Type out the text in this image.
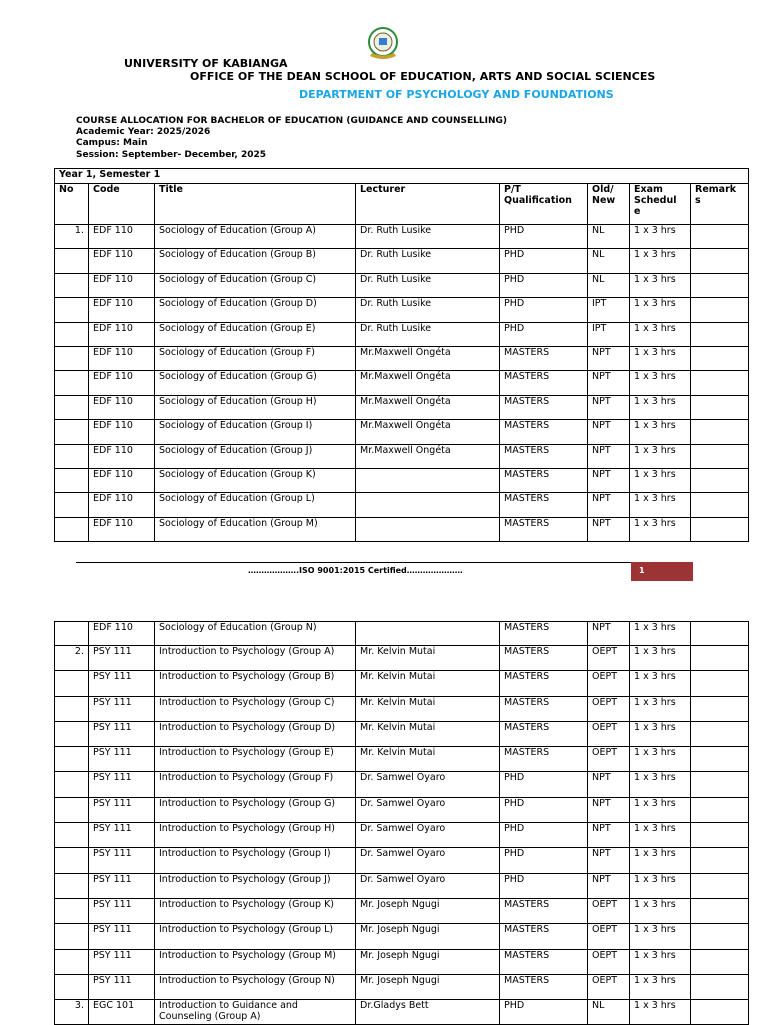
UNIVERSITY OF KABIANGA
OFFICE OF THE DEAN SCHOOL OF EDUCATION, ARTS AND SOCIAL SCIENCES
DEPARTMENT OF PSYCHOLOGY AND FOUNDATIONS
COURSE ALLOCATION FOR BACHELOR OF EDUCATION (GUIDANCE AND COUNSELLING)
Academic Year: 2025/2026
Campus: Main
Session: September- December, 2025
Year 1, Semester 1							
No	Code	Title	Lecturer	P/T Qualification	Old/ New	Exam Schedul e	Remark s
1.	EDF 110	Sociology of Education (Group A)	Dr. Ruth Lusike	PHD	NL	1 x 3 hrs	
	EDF 110	Sociology of Education (Group B)	Dr. Ruth Lusike	PHD	NL	1 x 3 hrs	
	EDF 110	Sociology of Education (Group C)	Dr. Ruth Lusike	PHD	NL	1 x 3 hrs	
	EDF 110	Sociology of Education (Group D)	Dr. Ruth Lusike	PHD	IPT	1 x 3 hrs	
	EDF 110	Sociology of Education (Group E)	Dr. Ruth Lusike	PHD	IPT	1 x 3 hrs	
	EDF 110	Sociology of Education (Group F)	Mr.Maxwell Ongéta	MASTERS	NPT	1 x 3 hrs	
	EDF 110	Sociology of Education (Group G)	Mr.Maxwell Ongéta	MASTERS	NPT	1 x 3 hrs	
	EDF 110	Sociology of Education (Group H)	Mr.Maxwell Ongéta	MASTERS	NPT	1 x 3 hrs	
	EDF 110	Sociology of Education (Group I)	Mr.Maxwell Ongéta	MASTERS	NPT	1 x 3 hrs	
	EDF 110	Sociology of Education (Group J)	Mr.Maxwell Ongéta	MASTERS	NPT	1 x 3 hrs	
	EDF 110	Sociology of Education (Group K)		MASTERS	NPT	1 x 3 hrs	
	EDF 110	Sociology of Education (Group L)		MASTERS	NPT	1 x 3 hrs	
	EDF 110	Sociology of Education (Group M)		MASTERS	NPT	1 x 3 hrs	
……………….ISO 9001:2015 Certified…………………	1
	EDF 110	Sociology of Education (Group N)		MASTERS	NPT	1 x 3 hrs	
2.	PSY 111	Introduction to Psychology (Group A)	Mr. Kelvin Mutai	MASTERS	OEPT	1 x 3 hrs	
	PSY 111	Introduction to Psychology (Group B)	Mr. Kelvin Mutai	MASTERS	OEPT	1 x 3 hrs	
	PSY 111	Introduction to Psychology (Group C)	Mr. Kelvin Mutai	MASTERS	OEPT	1 x 3 hrs	
	PSY 111	Introduction to Psychology (Group D)	Mr. Kelvin Mutai	MASTERS	OEPT	1 x 3 hrs	
	PSY 111	Introduction to Psychology (Group E)	Mr. Kelvin Mutai	MASTERS	OEPT	1 x 3 hrs	
	PSY 111	Introduction to Psychology (Group F)	Dr. Samwel Oyaro	PHD	NPT	1 x 3 hrs	
	PSY 111	Introduction to Psychology (Group G)	Dr. Samwel Oyaro	PHD	NPT	1 x 3 hrs	
	PSY 111	Introduction to Psychology (Group H)	Dr. Samwel Oyaro	PHD	NPT	1 x 3 hrs	
	PSY 111	Introduction to Psychology (Group I)	Dr. Samwel Oyaro	PHD	NPT	1 x 3 hrs	
	PSY 111	Introduction to Psychology (Group J)	Dr. Samwel Oyaro	PHD	NPT	1 x 3 hrs	
	PSY 111	Introduction to Psychology (Group K)	Mr. Joseph Ngugi	MASTERS	OEPT	1 x 3 hrs	
	PSY 111	Introduction to Psychology (Group L)	Mr. Joseph Ngugi	MASTERS	OEPT	1 x 3 hrs	
	PSY 111	Introduction to Psychology (Group M)	Mr. Joseph Ngugi	MASTERS	OEPT	1 x 3 hrs	
	PSY 111	Introduction to Psychology (Group N)	Mr. Joseph Ngugi	MASTERS	OEPT	1 x 3 hrs	
3.	EGC 101	Introduction to Guidance and Counseling (Group A)	Dr.Gladys Bett	PHD	NL	1 x 3 hrs	
